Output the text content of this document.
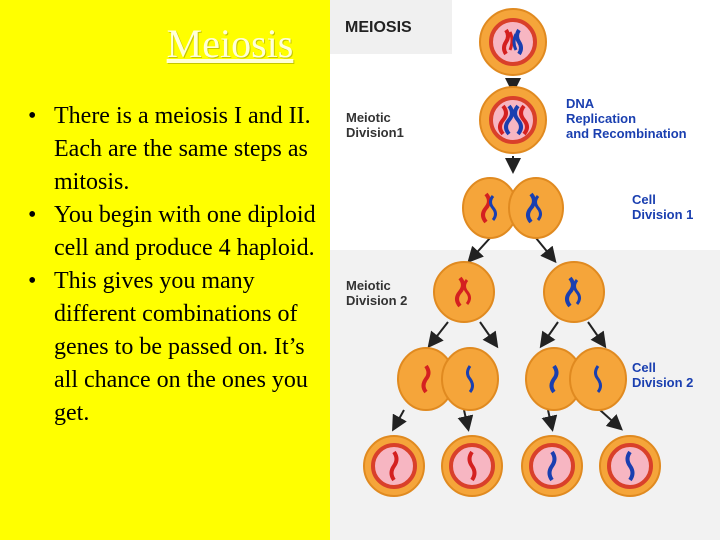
Meiosis
• There is a meiosis I and II. Each are the same steps as mitosis.
• You begin with one diploid cell and produce 4 haploid.
• This gives you many different combinations of genes to be passed on. It’s all chance on the ones you get.
MEIOSIS
Meiotic
Division1
Meiotic
Division 2
DNA
Replication
and Recombination
Cell
Division 1
Cell
Division 2
